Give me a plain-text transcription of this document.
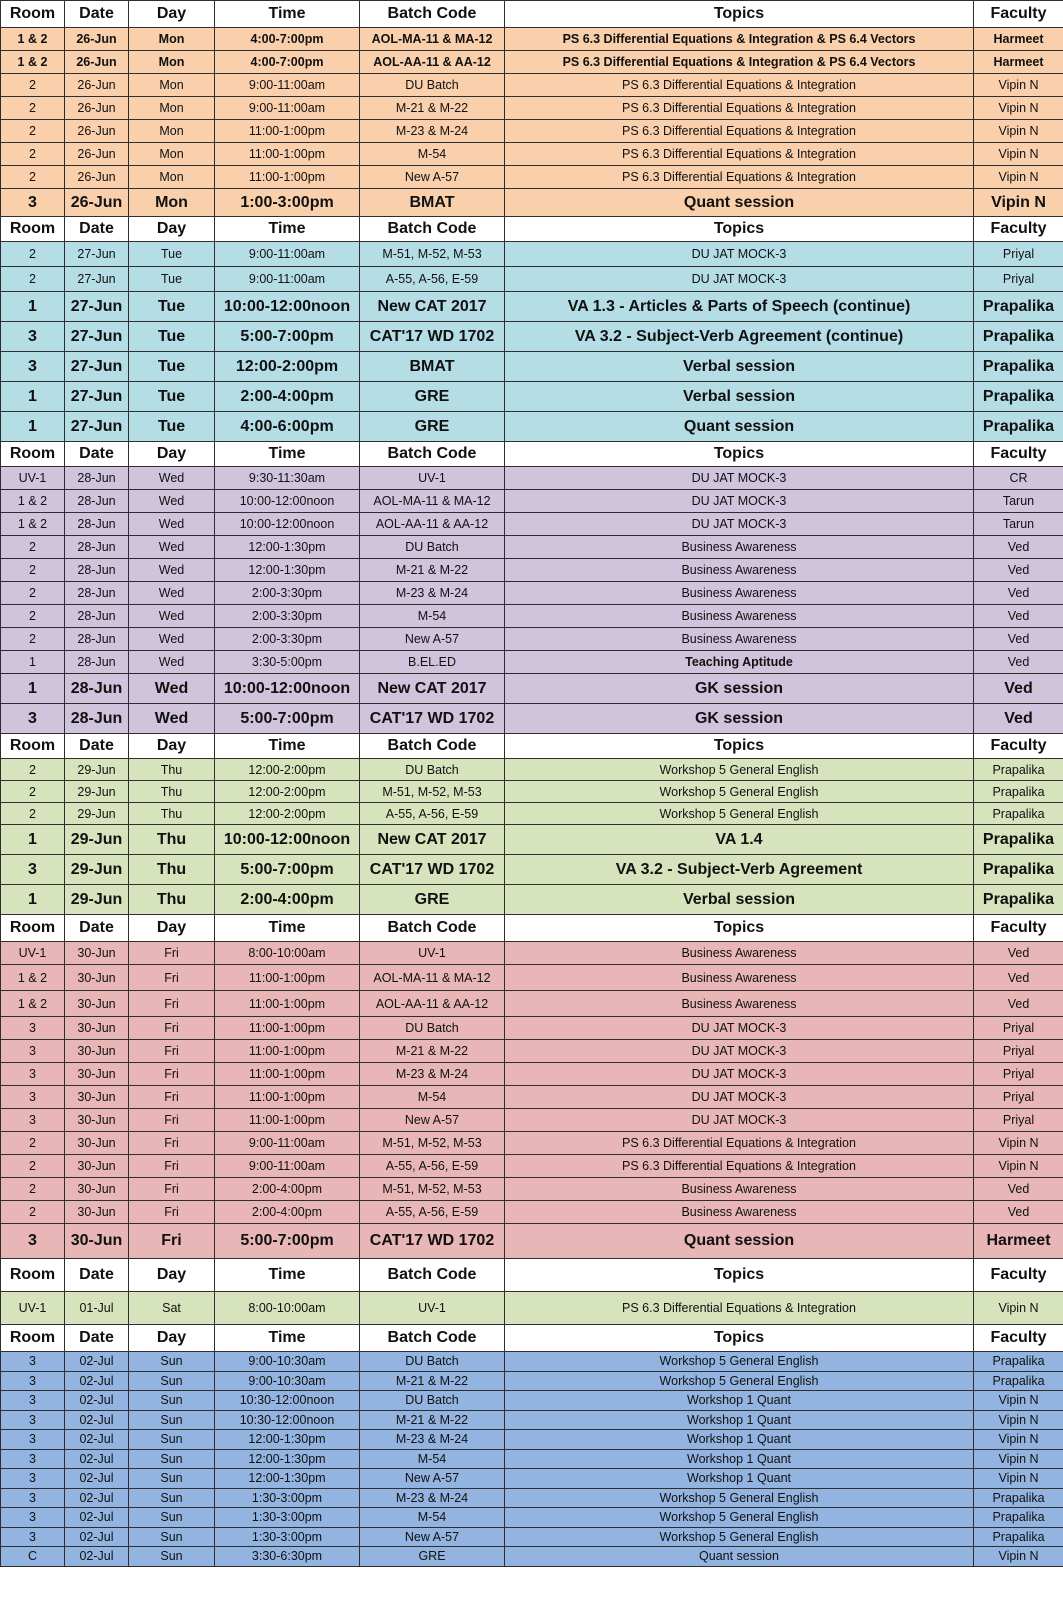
Room	Date	Day	Time	Batch Code	Topics	Faculty
1 & 2	26-Jun	Mon	4:00-7:00pm	AOL-MA-11 & MA-12	PS 6.3 Differential Equations & Integration & PS 6.4 Vectors	Harmeet
1 & 2	26-Jun	Mon	4:00-7:00pm	AOL-AA-11 & AA-12	PS 6.3 Differential Equations & Integration & PS 6.4 Vectors	Harmeet
2	26-Jun	Mon	9:00-11:00am	DU Batch	PS 6.3 Differential Equations & Integration	Vipin N
2	26-Jun	Mon	9:00-11:00am	M-21 & M-22	PS 6.3 Differential Equations & Integration	Vipin N
2	26-Jun	Mon	11:00-1:00pm	M-23 & M-24	PS 6.3 Differential Equations & Integration	Vipin N
2	26-Jun	Mon	11:00-1:00pm	M-54	PS 6.3 Differential Equations & Integration	Vipin N
2	26-Jun	Mon	11:00-1:00pm	New A-57	PS 6.3 Differential Equations & Integration	Vipin N
3	26-Jun	Mon	1:00-3:00pm	BMAT	Quant session	Vipin N
Room	Date	Day	Time	Batch Code	Topics	Faculty
2	27-Jun	Tue	9:00-11:00am	M-51, M-52, M-53	DU JAT MOCK-3	Priyal
2	27-Jun	Tue	9:00-11:00am	A-55, A-56, E-59	DU JAT MOCK-3	Priyal
1	27-Jun	Tue	10:00-12:00noon	New CAT 2017	VA 1.3 - Articles & Parts of Speech (continue)	Prapalika
3	27-Jun	Tue	5:00-7:00pm	CAT'17 WD 1702	VA 3.2 - Subject-Verb Agreement (continue)	Prapalika
3	27-Jun	Tue	12:00-2:00pm	BMAT	Verbal session	Prapalika
1	27-Jun	Tue	2:00-4:00pm	GRE	Verbal session	Prapalika
1	27-Jun	Tue	4:00-6:00pm	GRE	Quant session	Prapalika
Room	Date	Day	Time	Batch Code	Topics	Faculty
UV-1	28-Jun	Wed	9:30-11:30am	UV-1	DU JAT MOCK-3	CR
1 & 2	28-Jun	Wed	10:00-12:00noon	AOL-MA-11 & MA-12	DU JAT MOCK-3	Tarun
1 & 2	28-Jun	Wed	10:00-12:00noon	AOL-AA-11 & AA-12	DU JAT MOCK-3	Tarun
2	28-Jun	Wed	12:00-1:30pm	DU Batch	Business Awareness	Ved
2	28-Jun	Wed	12:00-1:30pm	M-21 & M-22	Business Awareness	Ved
2	28-Jun	Wed	2:00-3:30pm	M-23 & M-24	Business Awareness	Ved
2	28-Jun	Wed	2:00-3:30pm	M-54	Business Awareness	Ved
2	28-Jun	Wed	2:00-3:30pm	New A-57	Business Awareness	Ved
1	28-Jun	Wed	3:30-5:00pm	B.EL.ED	Teaching Aptitude	Ved
1	28-Jun	Wed	10:00-12:00noon	New CAT 2017	GK session	Ved
3	28-Jun	Wed	5:00-7:00pm	CAT'17 WD 1702	GK session	Ved
Room	Date	Day	Time	Batch Code	Topics	Faculty
2	29-Jun	Thu	12:00-2:00pm	DU Batch	Workshop 5 General English	Prapalika
2	29-Jun	Thu	12:00-2:00pm	M-51, M-52, M-53	Workshop 5 General English	Prapalika
2	29-Jun	Thu	12:00-2:00pm	A-55, A-56, E-59	Workshop 5 General English	Prapalika
1	29-Jun	Thu	10:00-12:00noon	New CAT 2017	VA 1.4	Prapalika
3	29-Jun	Thu	5:00-7:00pm	CAT'17 WD 1702	VA 3.2 - Subject-Verb Agreement	Prapalika
1	29-Jun	Thu	2:00-4:00pm	GRE	Verbal session	Prapalika
Room	Date	Day	Time	Batch Code	Topics	Faculty
UV-1	30-Jun	Fri	8:00-10:00am	UV-1	Business Awareness	Ved
1 & 2	30-Jun	Fri	11:00-1:00pm	AOL-MA-11 & MA-12	Business Awareness	Ved
1 & 2	30-Jun	Fri	11:00-1:00pm	AOL-AA-11 & AA-12	Business Awareness	Ved
3	30-Jun	Fri	11:00-1:00pm	DU Batch	DU JAT MOCK-3	Priyal
3	30-Jun	Fri	11:00-1:00pm	M-21 & M-22	DU JAT MOCK-3	Priyal
3	30-Jun	Fri	11:00-1:00pm	M-23 & M-24	DU JAT MOCK-3	Priyal
3	30-Jun	Fri	11:00-1:00pm	M-54	DU JAT MOCK-3	Priyal
3	30-Jun	Fri	11:00-1:00pm	New A-57	DU JAT MOCK-3	Priyal
2	30-Jun	Fri	9:00-11:00am	M-51, M-52, M-53	PS 6.3 Differential Equations & Integration	Vipin N
2	30-Jun	Fri	9:00-11:00am	A-55, A-56, E-59	PS 6.3 Differential Equations & Integration	Vipin N
2	30-Jun	Fri	2:00-4:00pm	M-51, M-52, M-53	Business Awareness	Ved
2	30-Jun	Fri	2:00-4:00pm	A-55, A-56, E-59	Business Awareness	Ved
3	30-Jun	Fri	5:00-7:00pm	CAT'17 WD 1702	Quant session	Harmeet
Room	Date	Day	Time	Batch Code	Topics	Faculty
UV-1	01-Jul	Sat	8:00-10:00am	UV-1	PS 6.3 Differential Equations & Integration	Vipin N
Room	Date	Day	Time	Batch Code	Topics	Faculty
3	02-Jul	Sun	9:00-10:30am	DU Batch	Workshop 5 General English	Prapalika
3	02-Jul	Sun	9:00-10:30am	M-21 & M-22	Workshop 5 General English	Prapalika
3	02-Jul	Sun	10:30-12:00noon	DU Batch	Workshop 1 Quant	Vipin N
3	02-Jul	Sun	10:30-12:00noon	M-21 & M-22	Workshop 1 Quant	Vipin N
3	02-Jul	Sun	12:00-1:30pm	M-23 & M-24	Workshop 1 Quant	Vipin N
3	02-Jul	Sun	12:00-1:30pm	M-54	Workshop 1 Quant	Vipin N
3	02-Jul	Sun	12:00-1:30pm	New A-57	Workshop 1 Quant	Vipin N
3	02-Jul	Sun	1:30-3:00pm	M-23 & M-24	Workshop 5 General English	Prapalika
3	02-Jul	Sun	1:30-3:00pm	M-54	Workshop 5 General English	Prapalika
3	02-Jul	Sun	1:30-3:00pm	New A-57	Workshop 5 General English	Prapalika
C	02-Jul	Sun	3:30-6:30pm	GRE	Quant session	Vipin N
